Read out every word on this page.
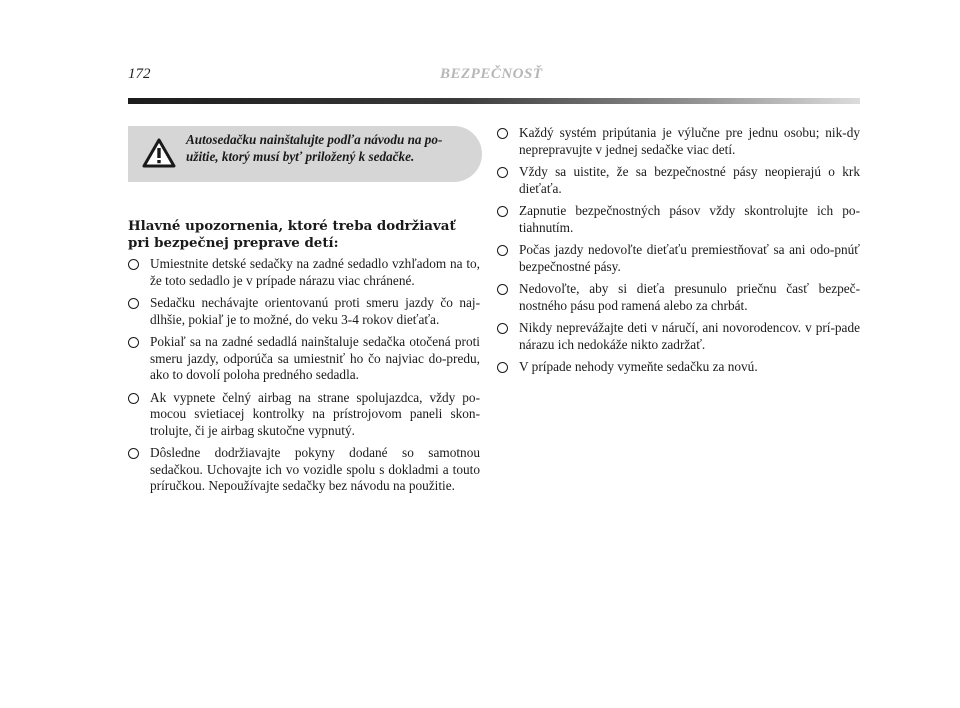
172	BEZPEČNOSŤ
Autosedačku nainštalujte podľa návodu na po-užitie, ktorý musí byť priložený k sedačke.
Hlavné upozornenia, ktoré treba dodržiavať
pri bezpečnej preprave detí:
Umiestnite detské sedačky na zadné sedadlo vzhľadom na to, že toto sedadlo je v prípade nárazu viac chránené.
Sedačku nechávajte orientovanú proti smeru jazdy čo naj-dlhšie, pokiaľ je to možné, do veku 3-4 rokov dieťaťa.
Pokiaľ sa na zadné sedadlá nainštaluje sedačka otočená proti smeru jazdy, odporúča sa umiestniť ho čo najviac do-predu, ako to dovolí poloha predného sedadla.
Ak vypnete čelný airbag na strane spolujazdca, vždy po-mocou svietiacej kontrolky na prístrojovom paneli skon-trolujte, či je airbag skutočne vypnutý.
Dôsledne dodržiavajte pokyny dodané so samotnou sedačkou. Uchovajte ich vo vozidle spolu s dokladmi a touto príručkou. Nepoužívajte sedačky bez návodu na použitie.
Každý systém pripútania je výlučne pre jednu osobu; nik-dy neprepravujte v jednej sedačke viac detí.
Vždy sa uistite, že sa bezpečnostné pásy neopierajú o krk dieťaťa.
Zapnutie bezpečnostných pásov vždy skontrolujte ich po-tiahnutím.
Počas jazdy nedovoľte dieťaťu premiestňovať sa ani odo-pnúť bezpečnostné pásy.
Nedovoľte, aby si dieťa presunulo priečnu časť bezpeč-nostného pásu pod ramená alebo za chrbát.
Nikdy neprevážajte deti v náručí, ani novorodencov. v prí-pade nárazu ich nedokáže nikto zadržať.
V prípade nehody vymeňte sedačku za novú.
